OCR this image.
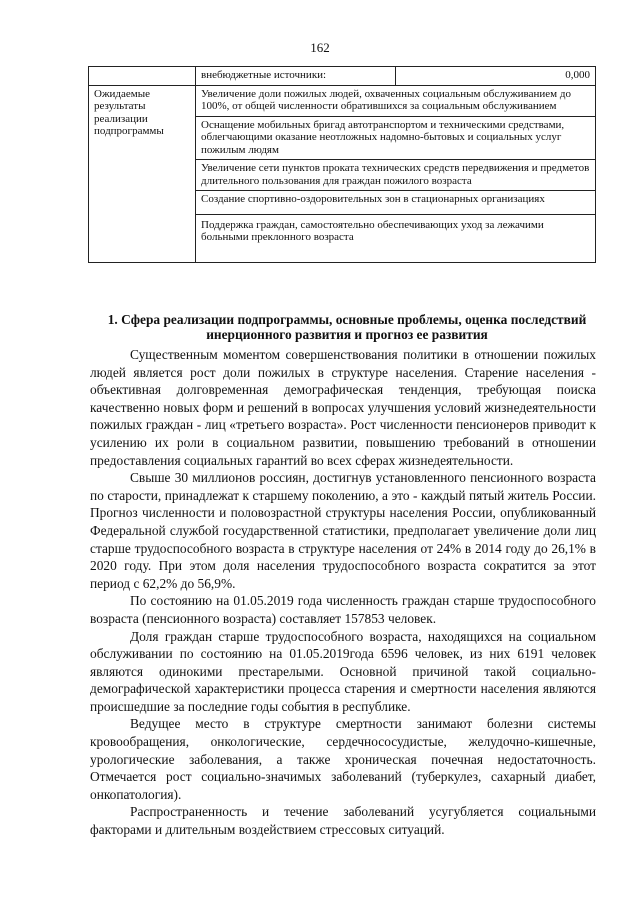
162
	внебюджетные источники:	0,000
Ожидаемые результаты реализации подпрограммы	Увеличение доли пожилых людей, охваченных социальным обслуживанием до 100%, от общей численности обратившихся за социальным обслуживанием	
	Оснащение мобильных бригад автотранспортом и техническими средствами, облегчающими оказание неотложных надомно-бытовых и социальных услуг пожилым людям	
	Увеличение сети пунктов проката технических средств передвижения и предметов длительного пользования для граждан пожилого возраста	
	Создание спортивно-оздоровительных зон в стационарных организациях	
	Поддержка граждан, самостоятельно обеспечивающих уход за лежачими больными преклонного возраста	
1. Сфера реализации подпрограммы, основные проблемы, оценка последствий инерционного развития и прогноз ее развития

Существенным моментом совершенствования политики в отношении пожилых людей является рост доли пожилых в структуре населения. Старение населения - объективная долговременная демографическая тенденция, требующая поиска качественно новых форм и решений в вопросах улучшения условий жизнедеятельности пожилых граждан - лиц «третьего возраста». Рост численности пенсионеров приводит к усилению их роли в социальном развитии, повышению требований в отношении предоставления социальных гарантий во всех сферах жизнедеятельности.

Свыше 30 миллионов россиян, достигнув установленного пенсионного возраста по старости, принадлежат к старшему поколению, а это - каждый пятый житель России. Прогноз численности и половозрастной структуры населения России, опубликованный Федеральной службой государственной статистики, предполагает увеличение доли лиц старше трудоспособного возраста в структуре населения от 24% в 2014 году до 26,1% в 2020 году. При этом доля населения трудоспособного возраста сократится за этот период с 62,2% до 56,9%.

По состоянию на 01.05.2019 года численность граждан старше трудоспособного возраста (пенсионного возраста) составляет 157853 человек.

Доля граждан старше трудоспособного возраста, находящихся на социальном обслуживании по состоянию на 01.05.2019года 6596 человек, из них 6191 человек являются одинокими престарелыми. Основной причиной такой социально-демографической характеристики процесса старения и смертности населения являются происшедшие за последние годы события в республике.

Ведущее место в структуре смертности занимают болезни системы кровообращения, онкологические, сердечнососудистые, желудочно-кишечные, урологические заболевания, а также хроническая почечная недостаточность. Отмечается рост социально-значимых заболеваний (туберкулез, сахарный диабет, онкопатология).

Распространенность и течение заболеваний усугубляется социальными факторами и длительным воздействием стрессовых ситуаций.
